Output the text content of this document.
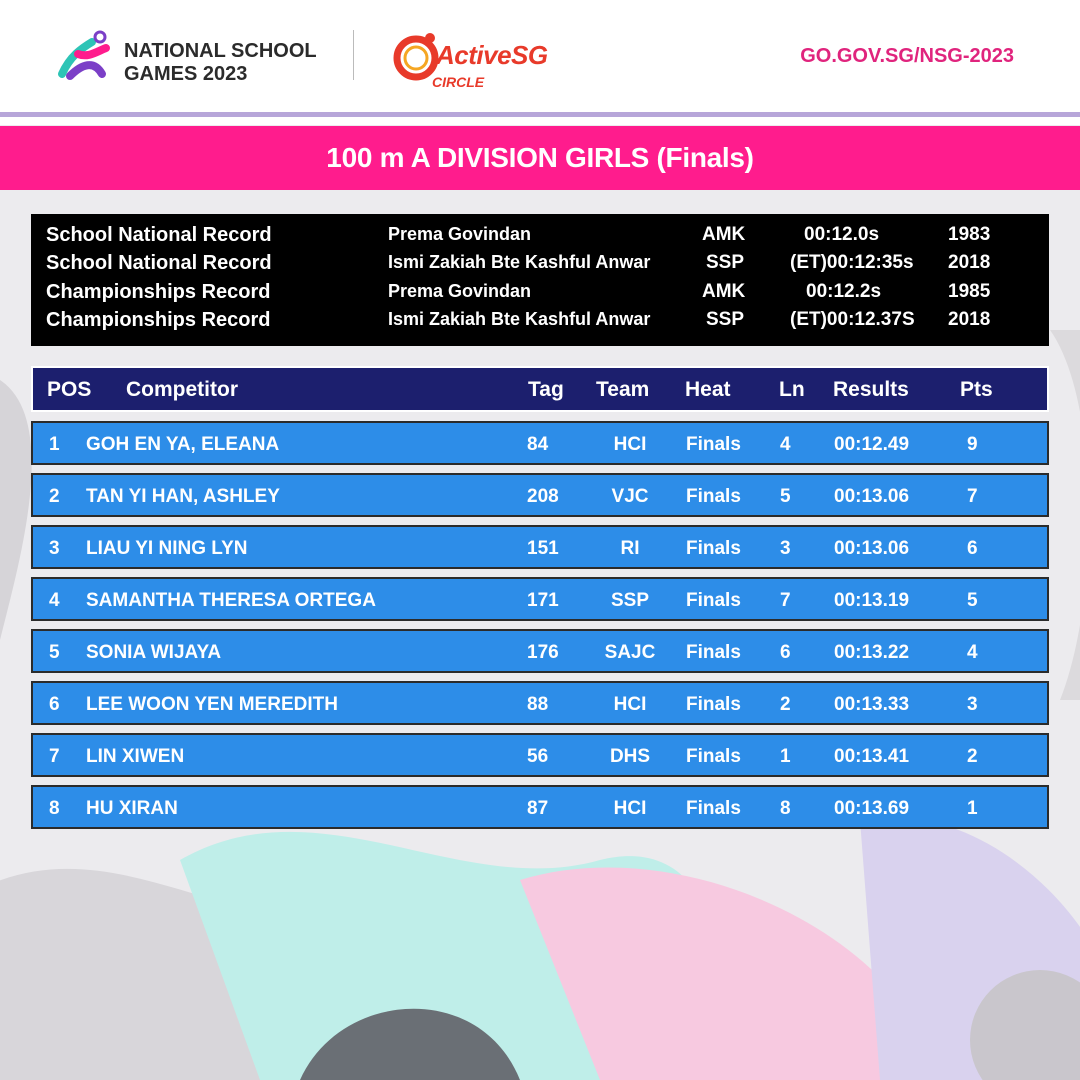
NATIONAL SCHOOL
GAMES 2023
ActiveSG
CIRCLE
GO.GOV.SG/NSG-2023
100 m A DIVISION GIRLS (Finals)
School National Record	Prema Govindan	AMK	00:12.0s	1983
School National Record	Ismi Zakiah Bte Kashful Anwar	SSP (ET)00:12:35s 2018
Championships Record	Prema Govindan	AMK	00:12.2s	1985
Championships Record	Ismi Zakiah Bte Kashful Anwar	SSP (ET)00:12.37S 2018
POS Competitor	Tag Team Heat Ln Results Pts
1 GOH EN YA, ELEANA	84	HCI	Finals 4 00:12.49	9
2 TAN YI HAN, ASHLEY	208	VJC	Finals 5 00:13.06	7
3 LIAU YI NING LYN	151	RI	Finals 3 00:13.06	6
4 SAMANTHA THERESA ORTEGA	171	SSP	Finals 7 00:13.19	5
5 SONIA WIJAYA	176	SAJC	Finals 6 00:13.22	4
6 LEE WOON YEN MEREDITH	88	HCI	Finals 2 00:13.33	3
7 LIN XIWEN	56	DHS	Finals 1 00:13.41	2
8 HU XIRAN	87	HCI	Finals 8 00:13.69	1
